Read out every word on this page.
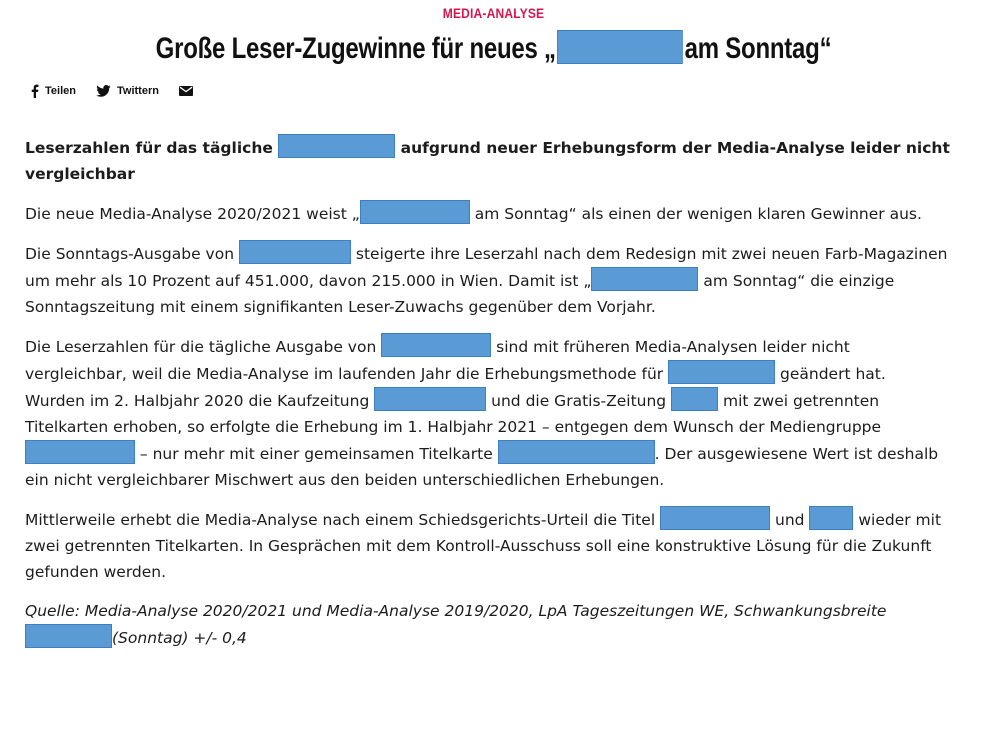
MEDIA-ANALYSE
Große Leser-Zugewinne für neues „	am Sonntag“
Teilen	Twittern

Leserzahlen für das tägliche	aufgrund neuer Erhebungsform der Media-Analyse leider nicht vergleichbar

Die neue Media-Analyse 2020/2021 weist „	am Sonntag“ als einen der wenigen klaren Gewinner aus.

Die Sonntags-Ausgabe von	steigerte ihre Leserzahl nach dem Redesign mit zwei neuen Farb-Magazinen um mehr als 10 Prozent auf 451.000, davon 215.000 in Wien. Damit ist „	am Sonntag“ die einzige Sonntagszeitung mit einem signifikanten Leser-Zuwachs gegenüber dem Vorjahr.

Die Leserzahlen für die tägliche Ausgabe von	sind mit früheren Media-Analysen leider nicht vergleichbar, weil die Media-Analyse im laufenden Jahr die Erhebungsmethode für	geändert hat. Wurden im 2. Halbjahr 2020 die Kaufzeitung	und die Gratis-Zeitung	mit zwei getrennten Titelkarten erhoben, so erfolgte die Erhebung im 1. Halbjahr 2021 – entgegen dem Wunsch der Mediengruppe  – nur mehr mit einer gemeinsamen Titelkarte	. Der ausgewiesene Wert ist deshalb ein nicht vergleichbarer Mischwert aus den beiden unterschiedlichen Erhebungen.

Mittlerweile erhebt die Media-Analyse nach einem Schiedsgerichts-Urteil die Titel	und	wieder mit zwei getrennten Titelkarten. In Gesprächen mit dem Kontroll-Ausschuss soll eine konstruktive Lösung für die Zukunft gefunden werden.

Quelle: Media-Analyse 2020/2021 und Media-Analyse 2019/2020, LpA Tageszeitungen WE, Schwankungsbreite (Sonntag) +/- 0,4
